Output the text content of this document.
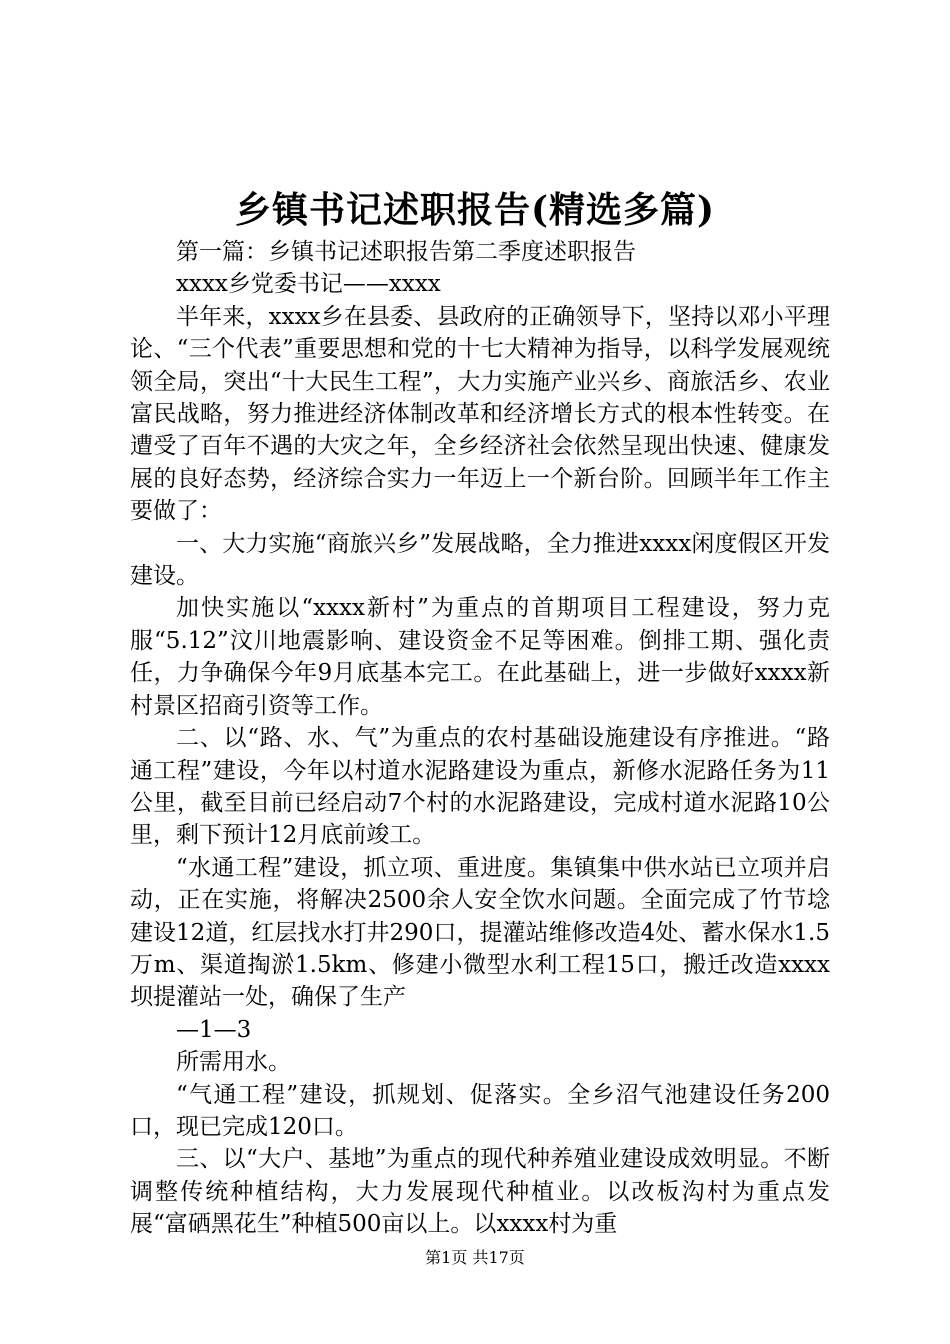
乡镇书记述职报告(精选多篇)

第一篇：乡镇书记述职报告第二季度述职报告

xxxx乡党委书记——xxxx

半年来，xxxx乡在县委、县政府的正确领导下，坚持以邓小平理论、“三个代表”重要思想和党的十七大精神为指导，以科学发展观统领全局，突出“十大民生工程”，大力实施产业兴乡、商旅活乡、农业富民战略，努力推进经济体制改革和经济增长方式的根本性转变。在遭受了百年不遇的大灾之年，全乡经济社会依然呈现出快速、健康发展的良好态势，经济综合实力一年迈上一个新台阶。回顾半年工作主要做了：

一、大力实施“商旅兴乡”发展战略，全力推进xxxx闲度假区开发建设。

加快实施以“xxxx新村”为重点的首期项目工程建设，努力克服“5.12”汶川地震影响、建设资金不足等困难。倒排工期、强化责任，力争确保今年9月底基本完工。在此基础上，进一步做好xxxx新村景区招商引资等工作。

二、以“路、水、气”为重点的农村基础设施建设有序推进。“路通工程”建设，今年以村道水泥路建设为重点，新修水泥路任务为11公里，截至目前已经启动7个村的水泥路建设，完成村道水泥路10公里，剩下预计12月底前竣工。

“水通工程”建设，抓立项、重进度。集镇集中供水站已立项并启动，正在实施，将解决2500余人安全饮水问题。全面完成了竹节埝建设12道，红层找水打井290口，提灌站维修改造4处、蓄水保水1.5万m、渠道掏淤1.5km、修建小微型水利工程15口，搬迁改造xxxx坝提灌站一处，确保了生产

—1—3

所需用水。

“气通工程”建设，抓规划、促落实。全乡沼气池建设任务200口，现已完成120口。

三、以“大户、基地”为重点的现代种养殖业建设成效明显。不断调整传统种植结构，大力发展现代种植业。以改板沟村为重点发展“富硒黑花生”种植500亩以上。以xxxx村为重

第1页 共17页
